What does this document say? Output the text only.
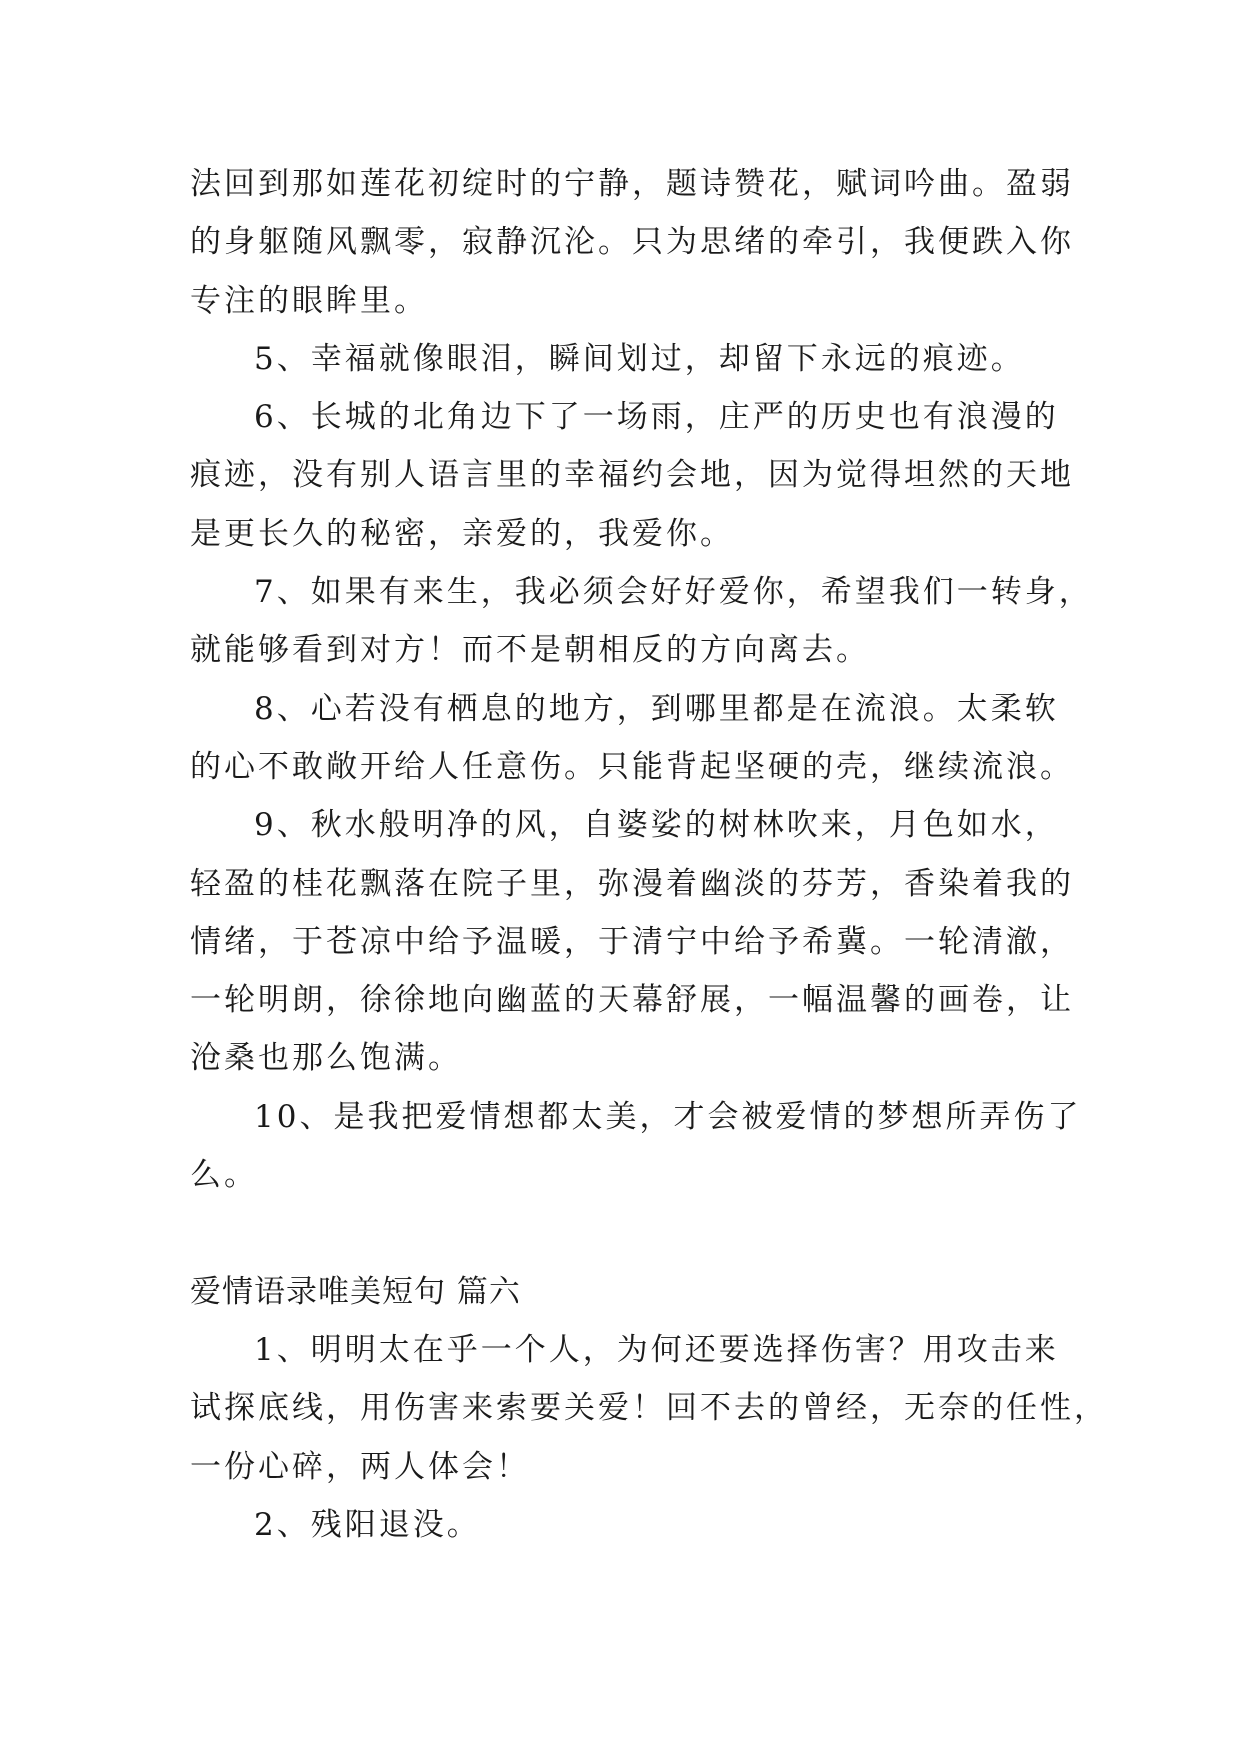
法回到那如莲花初绽时的宁静，题诗赞花，赋词吟曲。盈弱
的身躯随风飘零，寂静沉沦。只为思绪的牵引，我便跌入你
专注的眼眸里。
5、幸福就像眼泪，瞬间划过，却留下永远的痕迹。
6、长城的北角边下了一场雨，庄严的历史也有浪漫的
痕迹，没有别人语言里的幸福约会地，因为觉得坦然的天地
是更长久的秘密，亲爱的，我爱你。
7、如果有来生，我必须会好好爱你，希望我们一转身，
就能够看到对方！而不是朝相反的方向离去。
8、心若没有栖息的地方，到哪里都是在流浪。太柔软
的心不敢敞开给人任意伤。只能背起坚硬的壳，继续流浪。
9、秋水般明净的风，自婆娑的树林吹来，月色如水，
轻盈的桂花飘落在院子里，弥漫着幽淡的芬芳，香染着我的
情绪，于苍凉中给予温暖，于清宁中给予希冀。一轮清澈，
一轮明朗，徐徐地向幽蓝的天幕舒展，一幅温馨的画卷，让
沧桑也那么饱满。
10、是我把爱情想都太美，才会被爱情的梦想所弄伤了
么。
爱情语录唯美短句 篇六
1、明明太在乎一个人，为何还要选择伤害？用攻击来
试探底线，用伤害来索要关爱！回不去的曾经，无奈的任性，
一份心碎，两人体会！
2、残阳退没。
